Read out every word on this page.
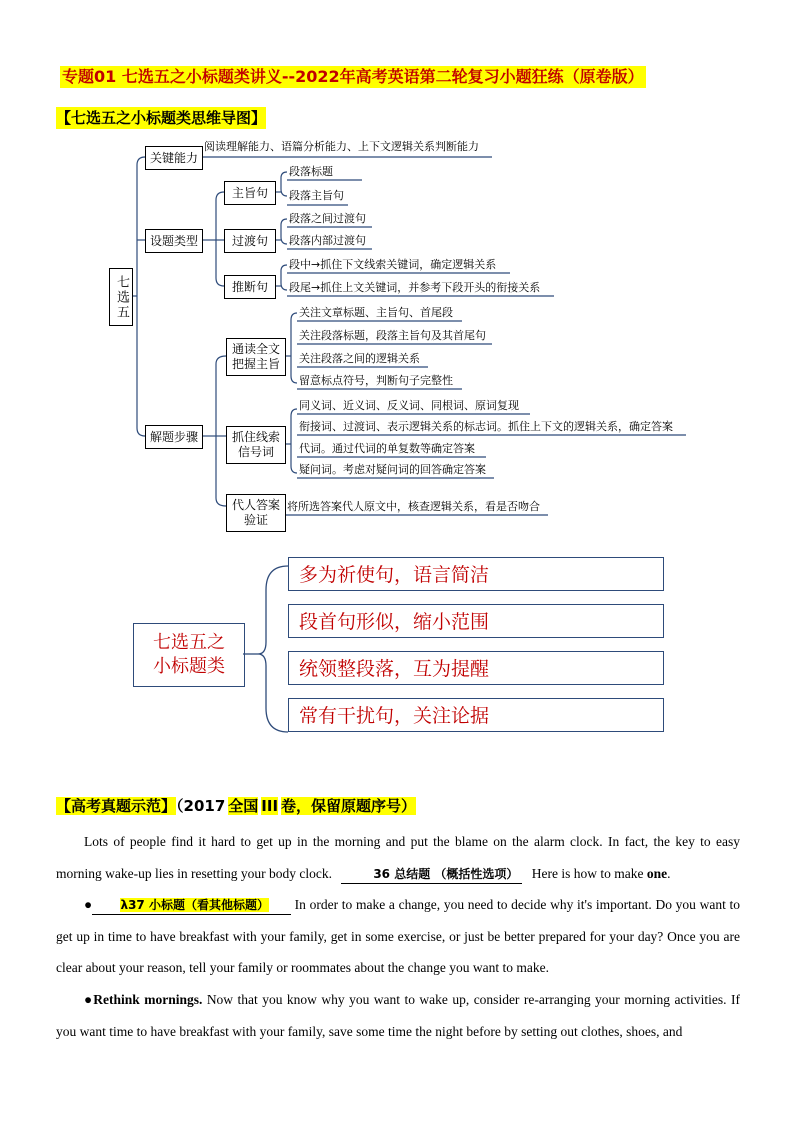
专题01 七选五之小标题类讲义--2022年高考英语第二轮复习小题狂练（原卷版）
【七选五之小标题类思维导图】
七选五
关键能力
阅读理解能力、语篇分析能力、上下文逻辑关系判断能力
设题类型
解题步骤
主旨句
过渡句
推断句
段落标题
段落主旨句
段落之间过渡句
段落内部过渡句
段中→抓住下文线索关键词，确定逻辑关系
段尾→抓住上文关键词，并参考下段开头的衔接关系
通读全文
把握主旨
抓住线索
信号词
代人答案
验证
关注文章标题、主旨句、首尾段
关注段落标题，段落主旨句及其首尾句
关注段落之间的逻辑关系
留意标点符号，判断句子完整性
同义词、近义词、反义词、同根词、原词复现
衔接词、过渡词、表示逻辑关系的标志词。抓住上下文的逻辑关系，确定答案
代词。通过代词的单复数等确定答案
疑问词。考虑对疑问词的回答确定答案
将所选答案代人原文中，核查逻辑关系，看是否吻合
七选五之
小标题类
多为祈使句，语言简洁
段首句形似，缩小范围
统领整段落，互为提醒
常有干扰句，关注论据
【高考真题示范】（2017 全国 III 卷，保留原题序号）
Lots of people find it hard to get up in the morning and put the blame on the alarm clock. In fact, the key to easy morning wake-up lies in resetting your body clock.	36 总结题 （概括性选项） Here is how to make one.
● λ37 小标题（看其他标题） In order to make a change, you need to decide why it's important. Do you want to get up in time to have breakfast with your family, get in some exercise, or just be better prepared for your day? Once you are clear about your reason, tell your family or roommates about the change you want to make.
●Rethink mornings. Now that you know why you want to wake up, consider re-arranging your morning activities. If you want time to have breakfast with your family, save some time the night before by setting out clothes, shoes, and
